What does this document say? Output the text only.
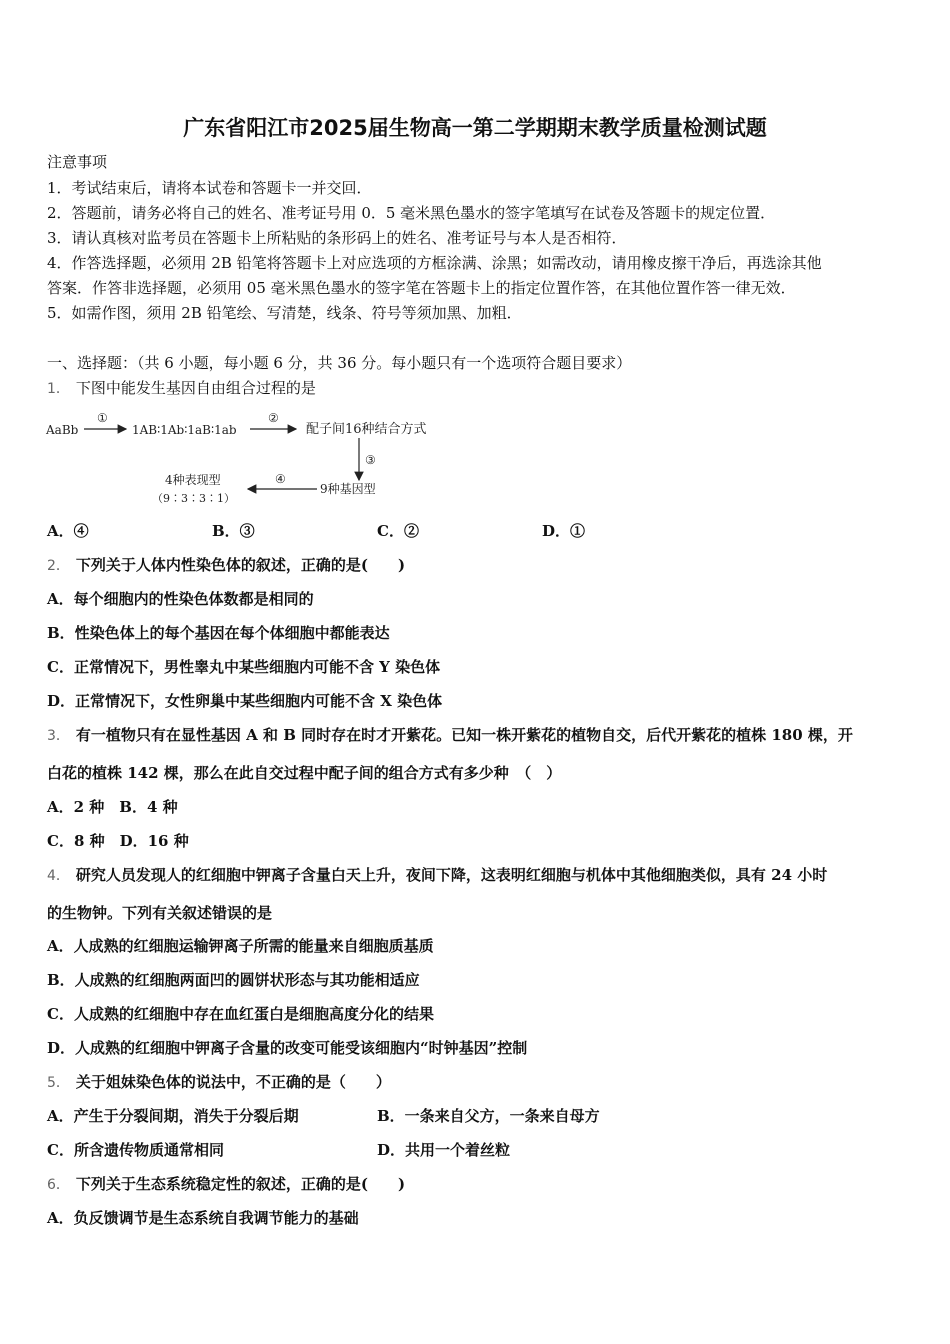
广东省阳江市2025届生物高一第二学期期末教学质量检测试题
注意事项
1．考试结束后，请将本试卷和答题卡一并交回．
2．答题前，请务必将自己的姓名、准考证号用 0．5 毫米黑色墨水的签字笔填写在试卷及答题卡的规定位置．
3．请认真核对监考员在答题卡上所粘贴的条形码上的姓名、准考证号与本人是否相符．
4．作答选择题，必须用 2B 铅笔将答题卡上对应选项的方框涂满、涂黑；如需改动，请用橡皮擦干净后，再选涂其他
答案．作答非选择题，必须用 05 毫米黑色墨水的签字笔在答题卡上的指定位置作答，在其他位置作答一律无效．
5．如需作图，须用 2B 铅笔绘、写清楚，线条、符号等须加黑、加粗．
一、选择题：（共 6 小题，每小题 6 分，共 36 分。每小题只有一个选项符合题目要求）
1． 下图中能发生基因自由组合过程的是
AaBb
①
1AB∶1Ab∶1aB∶1ab
②
配子间16种结合方式
③
9种基因型
④
4种表现型
（9∶3∶3∶1）
A．④	B．③	C．②	D．①
2． 下列关于人体内性染色体的叙述，正确的是(　　)
A．每个细胞内的性染色体数都是相同的
B．性染色体上的每个基因在每个体细胞中都能表达
C．正常情况下，男性睾丸中某些细胞内可能不含 Y 染色体
D．正常情况下，女性卵巢中某些细胞内可能不含 X 染色体
3． 有一植物只有在显性基因 A 和 B 同时存在时才开紫花。已知一株开紫花的植物自交，后代开紫花的植株 180 棵，开
白花的植株 142 棵，那么在此自交过程中配子间的组合方式有多少种　（　）
A．2 种　B．4 种
C．8 种　D．16 种
4． 研究人员发现人的红细胞中钾离子含量白天上升，夜间下降，这表明红细胞与机体中其他细胞类似，具有 24 小时
的生物钟。下列有关叙述错误的是
A．人成熟的红细胞运输钾离子所需的能量来自细胞质基质
B．人成熟的红细胞两面凹的圆饼状形态与其功能相适应
C．人成熟的红细胞中存在血红蛋白是细胞高度分化的结果
D．人成熟的红细胞中钾离子含量的改变可能受该细胞内“时钟基因”控制
5． 关于姐妹染色体的说法中，不正确的是（　　）
A．产生于分裂间期，消失于分裂后期	B．一条来自父方，一条来自母方
C．所含遗传物质通常相同	D．共用一个着丝粒
6． 下列关于生态系统稳定性的叙述，正确的是(　　)
A．负反馈调节是生态系统自我调节能力的基础
